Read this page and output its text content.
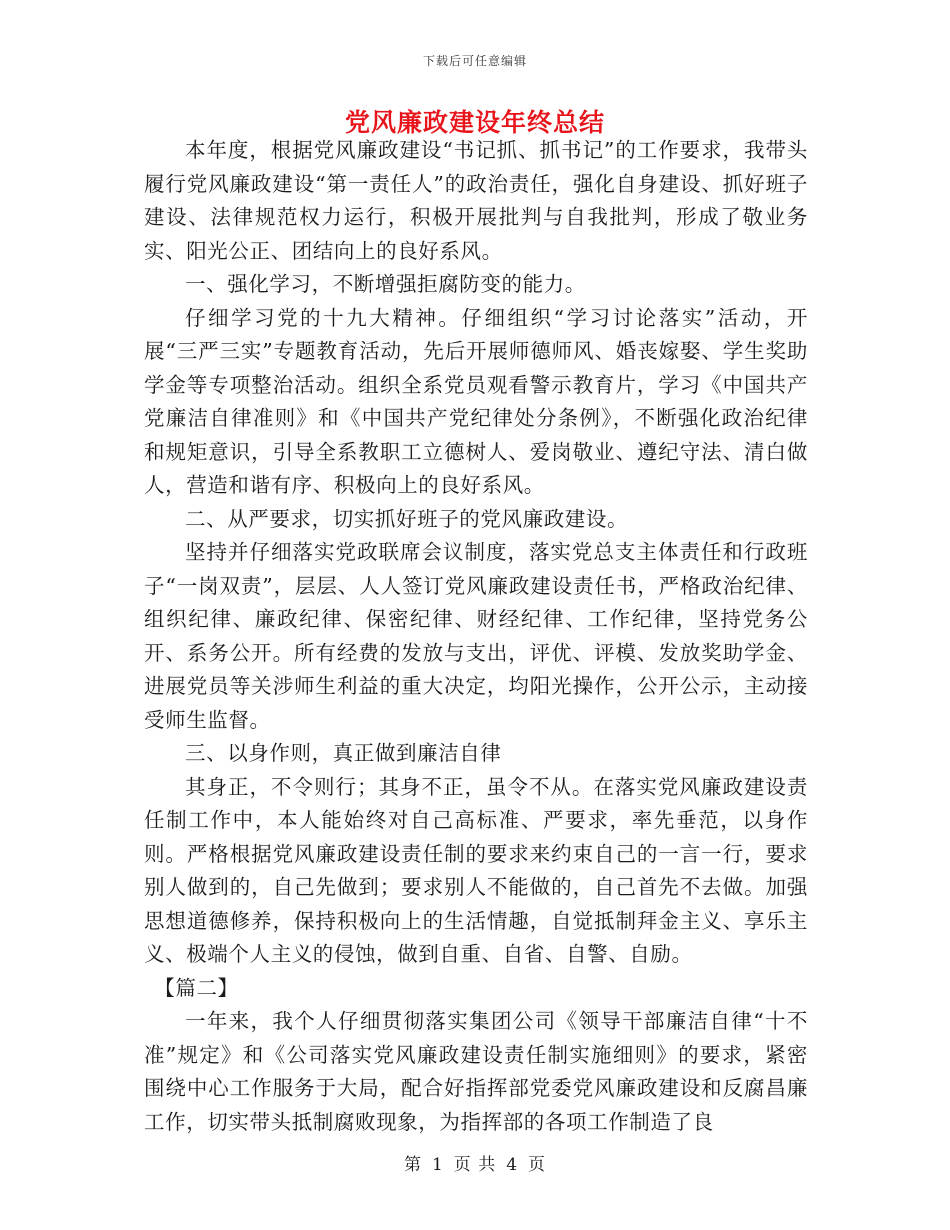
下载后可任意编辑
党风廉政建设年终总结

本年度，根据党风廉政建设“书记抓、抓书记”的工作要求，我带头履行党风廉政建设“第一责任人”的政治责任，强化自身建设、抓好班子建设、法律规范权力运行，积极开展批判与自我批判，形成了敬业务实、阳光公正、团结向上的良好系风。

一、强化学习，不断增强拒腐防变的能力。

仔细学习党的十九大精神。仔细组织“学习讨论落实”活动，开展“三严三实”专题教育活动，先后开展师德师风、婚丧嫁娶、学生奖助学金等专项整治活动。组织全系党员观看警示教育片，学习《中国共产党廉洁自律准则》和《中国共产党纪律处分条例》，不断强化政治纪律和规矩意识，引导全系教职工立德树人、爱岗敬业、遵纪守法、清白做人，营造和谐有序、积极向上的良好系风。

二、从严要求，切实抓好班子的党风廉政建设。

坚持并仔细落实党政联席会议制度，落实党总支主体责任和行政班子“一岗双责”，层层、人人签订党风廉政建设责任书，严格政治纪律、组织纪律、廉政纪律、保密纪律、财经纪律、工作纪律，坚持党务公开、系务公开。所有经费的发放与支出，评优、评模、发放奖助学金、进展党员等关涉师生利益的重大决定，均阳光操作，公开公示，主动接受师生监督。

三、以身作则，真正做到廉洁自律

其身正，不令则行；其身不正，虽令不从。在落实党风廉政建设责任制工作中，本人能始终对自己高标准、严要求，率先垂范，以身作则。严格根据党风廉政建设责任制的要求来约束自己的一言一行，要求别人做到的，自己先做到；要求别人不能做的，自己首先不去做。加强思想道德修养，保持积极向上的生活情趣，自觉抵制拜金主义、享乐主义、极端个人主义的侵蚀，做到自重、自省、自警、自励。

【篇二】

一年来，我个人仔细贯彻落实集团公司《领导干部廉洁自律“十不准”规定》和《公司落实党风廉政建设责任制实施细则》的要求，紧密围绕中心工作服务于大局，配合好指挥部党委党风廉政建设和反腐昌廉工作，切实带头抵制腐败现象，为指挥部的各项工作制造了良

第 1 页 共 4 页
